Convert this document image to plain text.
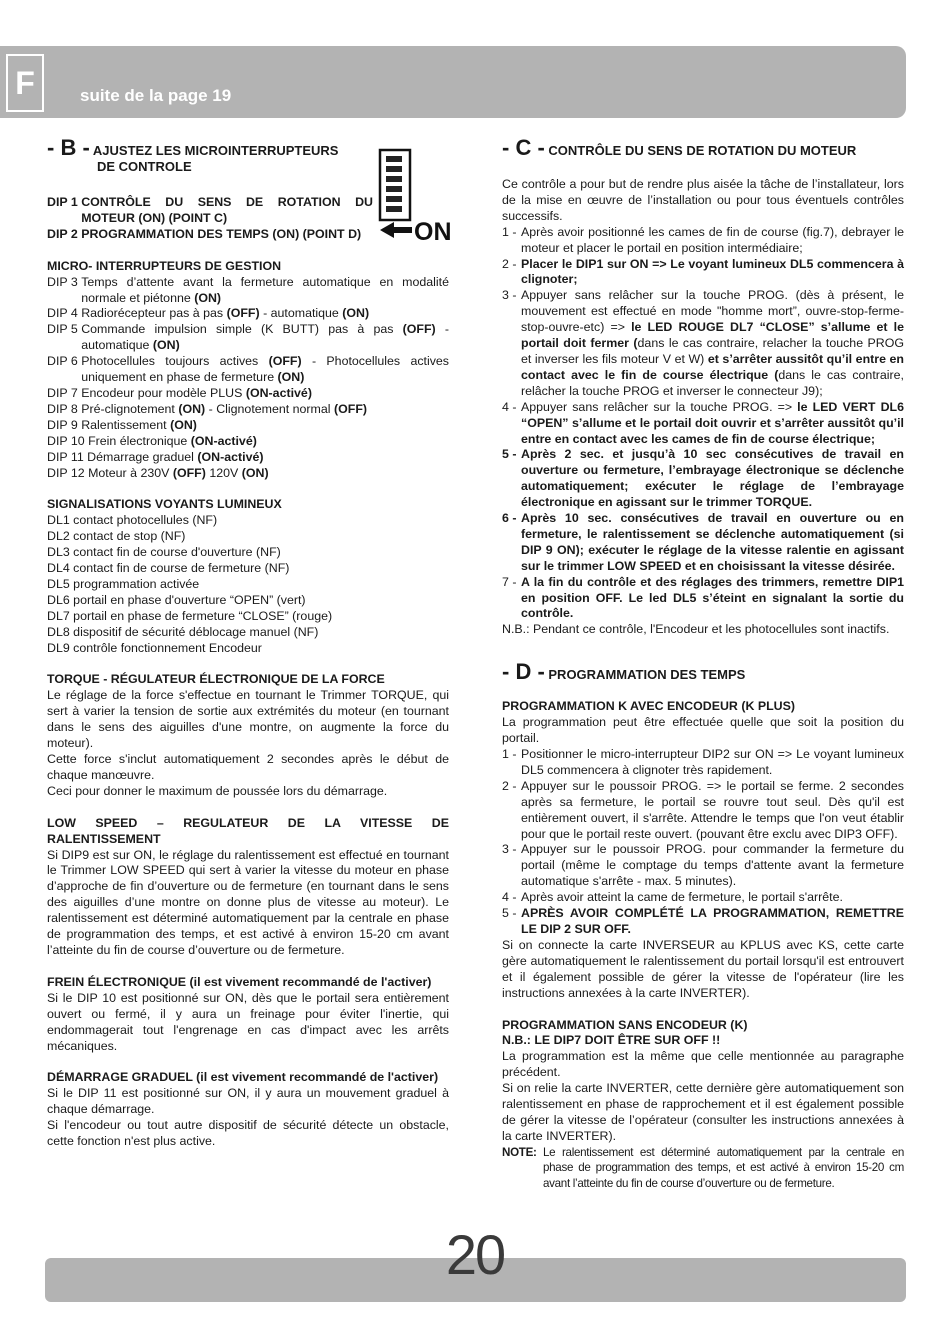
F	suite de la page 19
ON
- B - AJUSTEZ LES MICROINTERRUPTEURS
DE CONTROLE
DIP 1 CONTRÔLE DU SENS DE ROTATION DU MOTEUR (ON) (POINT C)
DIP 2 PROGRAMMATION DES TEMPS (ON) (POINT D)
MICRO- INTERRUPTEURS DE GESTION
DIP 3 Temps d’attente avant la fermeture automatique en modalité normale et piétonne (ON)
DIP 4 Radiorécepteur pas à pas (OFF) - automatique (ON)
DIP 5 Commande impulsion simple (K BUTT) pas à pas (OFF) - automatique (ON)
DIP 6 Photocellules toujours actives (OFF) - Photocellules actives uniquement en phase de fermeture (ON)
DIP 7 Encodeur pour modèle PLUS (ON-activé)
DIP 8 Pré-clignotement (ON) - Clignotement normal (OFF)
DIP 9 Ralentissement (ON)
DIP 10 Frein électronique (ON-activé)
DIP 11 Démarrage graduel (ON-activé)
DIP 12 Moteur à 230V (OFF) 120V (ON)
SIGNALISATIONS VOYANTS LUMINEUX
DL1 contact photocellules (NF)
DL2 contact de stop (NF)
DL3 contact fin de course d'ouverture (NF)
DL4 contact fin de course de fermeture (NF)
DL5 programmation activée
DL6 portail en phase d'ouverture “OPEN” (vert)
DL7 portail en phase de fermeture “CLOSE” (rouge)
DL8 dispositif de sécurité déblocage manuel (NF)
DL9 contrôle fonctionnement Encodeur
TORQUE - RÉGULATEUR ÉLECTRONIQUE DE LA FORCE
Le réglage de la force s'effectue en tournant le Trimmer TORQUE, qui sert à varier la tension de sortie aux extrémités du moteur (en tournant dans le sens des aiguilles d'une montre, on augmente la force du moteur).
Cette force s'inclut automatiquement 2 secondes après le début de chaque manœuvre.
Ceci pour donner le maximum de poussée lors du démarrage.
LOW SPEED – REGULATEUR DE LA VITESSE DE RALENTISSEMENT
Si DIP9 est sur ON, le réglage du ralentissement est effectué en tournant le Trimmer LOW SPEED qui sert à varier la vitesse du moteur en phase d’approche de fin d’ouverture ou de fermeture (en tournant dans le sens des aiguilles d’une montre on donne plus de vitesse au moteur). Le ralentissement est déterminé automatiquement par la centrale en phase de programmation des temps, et est activé à environ 15-20 cm avant l’atteinte du fin de course d’ouverture ou de fermeture.
FREIN ÉLECTRONIQUE (il est vivement recommandé de l'activer)
Si le DIP 10 est positionné sur ON, dès que le portail sera entièrement ouvert ou fermé, il y aura un freinage pour éviter l'inertie, qui endommagerait tout l'engrenage en cas d'impact avec les arrêts mécaniques.
DÉMARRAGE GRADUEL (il est vivement recommandé de l'activer)
Si le DIP 11 est positionné sur ON, il y aura un mouvement graduel à chaque démarrage.
Si l'encodeur ou tout autre dispositif de sécurité détecte un obstacle, cette fonction n'est plus active.
- C - CONTRÔLE DU SENS DE ROTATION DU MOTEUR
Ce contrôle a pour but de rendre plus aisée la tâche de l’installateur, lors de la mise en œuvre de l’installation ou pour tous éventuels contrôles successifs.
1 - Après avoir positionné les cames de fin de course (fig.7), debrayer le moteur et placer le portail en position intermédiaire;
2 - Placer le DIP1 sur ON => Le voyant lumineux DL5 commencera à clignoter;
3 - Appuyer sans relâcher sur la touche PROG. (dès à présent, le mouvement est effectué en mode "homme mort”, ouvre-stop-ferme-stop-ouvre-etc) => le LED ROUGE DL7 “CLOSE” s’allume et le portail doit fermer (dans le cas contraire, relacher la touche PROG et inverser les fils moteur V et W) et s’arrêter aussitôt qu’il entre en contact avec le fin de course électrique (dans le cas contraire, relâcher la touche PROG et inverser le connecteur J9);
4 - Appuyer sans relâcher sur la touche PROG. => le LED VERT DL6 “OPEN” s’allume et le portail doit ouvrir et s’arrêter aussitôt qu’il entre en contact avec les cames de fin de course électrique;
5 - Après 2 sec. et jusqu’à 10 sec consécutives de travail en ouverture ou fermeture, l’embrayage électronique se déclenche automatiquement; exécuter le réglage de l’embrayage électronique en agissant sur le trimmer TORQUE.
6 - Après 10 sec. consécutives de travail en ouverture ou en fermeture, le ralentissement se déclenche automatiquement (si DIP 9 ON); exécuter le réglage de la vitesse ralentie en agissant sur le trimmer LOW SPEED et en choisissant la vitesse désirée.
7 - A la fin du contrôle et des réglages des trimmers, remettre DIP1 en position OFF. Le led DL5 s’éteint en signalant la sortie du contrôle.
N.B.: Pendant ce contrôle, l'Encodeur et les photocellules sont inactifs.
- D - PROGRAMMATION DES TEMPS
PROGRAMMATION K AVEC ENCODEUR (K PLUS)
La programmation peut être effectuée quelle que soit la position du portail.
1 - Positionner le micro-interrupteur DIP2 sur ON => Le voyant lumineux DL5 commencera à clignoter très rapidement.
2 - Appuyer sur le poussoir PROG. => le portail se ferme. 2 secondes après sa fermeture, le portail se rouvre tout seul. Dès qu'il est entièrement ouvert, il s'arrête. Attendre le temps que l'on veut établir pour que le portail reste ouvert. (pouvant être exclu avec DIP3 OFF).
3 - Appuyer sur le poussoir PROG. pour commander la fermeture du portail (même le comptage du temps d'attente avant la fermeture automatique s'arrête - max. 5 minutes).
4 - Après avoir atteint la came de fermeture, le portail s'arrête.
5 - APRÈS AVOIR COMPLÉTÉ LA PROGRAMMATION, REMETTRE LE DIP 2 SUR OFF.
Si on connecte la carte INVERSEUR au KPLUS avec KS, cette carte gère automatiquement le ralentissement du portail lorsqu'il est entrouvert et il également possible de gérer la vitesse de l'opérateur (lire les instructions annexées à la carte INVERTER).
PROGRAMMATION SANS ENCODEUR (K)
N.B.: LE DIP7 DOIT ÊTRE SUR OFF !!
La programmation est la même que celle mentionnée au paragraphe précédent.
Si on relie la carte INVERTER, cette dernière gère automatiquement son ralentissement en phase de rapprochement et il est également possible de gérer la vitesse de l’opérateur (consulter les instructions annexées à la carte INVERTER).
NOTE: Le ralentissement est déterminé automatiquement par la centrale en phase de programmation des temps, et est activé à environ 15-20 cm avant l’atteinte du fin de course d’ouverture ou de fermeture.
20
